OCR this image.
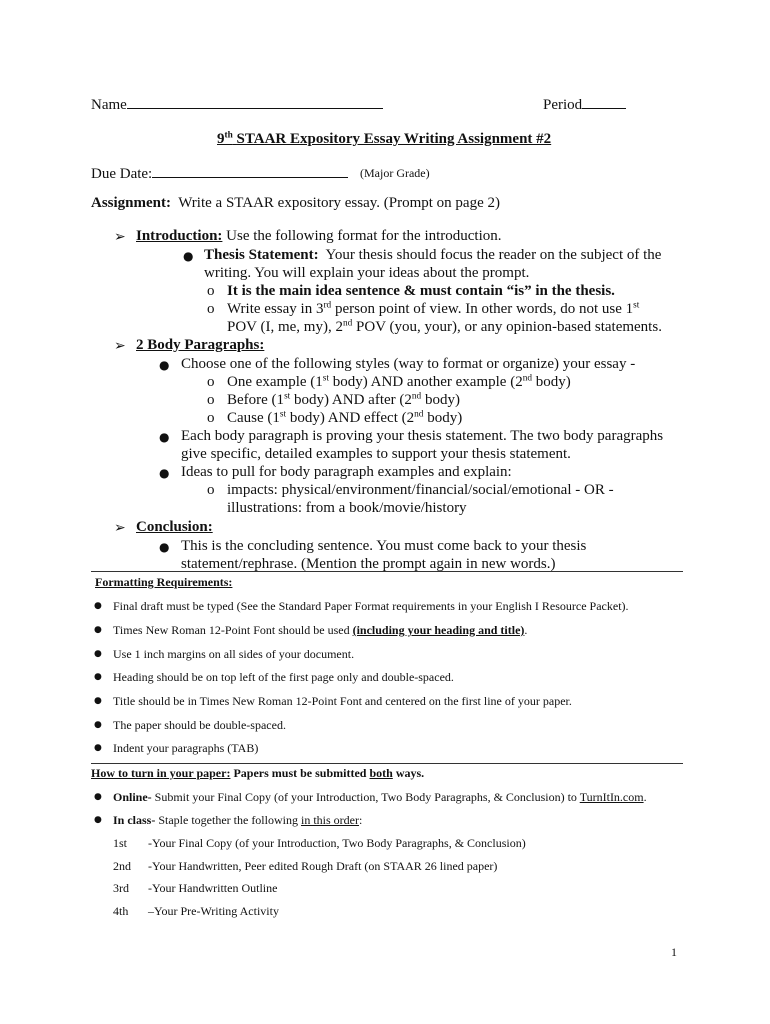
Name	Period
9th STAAR Expository Essay Writing Assignment #2
Due Date:	(Major Grade)
Assignment: Write a STAAR expository essay. (Prompt on page 2)
➢ Introduction: Use the following format for the introduction.
● Thesis Statement: Your thesis should focus the reader on the subject of the
writing. You will explain your ideas about the prompt.
o It is the main idea sentence & must contain “is” in the thesis.
o Write essay in 3rd person point of view. In other words, do not use 1st
POV (I, me, my), 2nd POV (you, your), or any opinion-based statements.
➢ 2 Body Paragraphs:
● Choose one of the following styles (way to format or organize) your essay -
o One example (1st body) AND another example (2nd body)
o Before (1st body) AND after (2nd body)
o Cause (1st body) AND effect (2nd body)
● Each body paragraph is proving your thesis statement. The two body paragraphs
give specific, detailed examples to support your thesis statement.
● Ideas to pull for body paragraph examples and explain:
o impacts: physical/environment/financial/social/emotional - OR -
illustrations: from a book/movie/history
➢ Conclusion:
● This is the concluding sentence. You must come back to your thesis
statement/rephrase. (Mention the prompt again in new words.)
Formatting Requirements:
● Final draft must be typed (See the Standard Paper Format requirements in your English I Resource Packet).
● Times New Roman 12-Point Font should be used (including your heading and title).
● Use 1 inch margins on all sides of your document.
● Heading should be on top left of the first page only and double-spaced.
● Title should be in Times New Roman 12-Point Font and centered on the first line of your paper.
● The paper should be double-spaced.
● Indent your paragraphs (TAB)
How to turn in your paper: Papers must be submitted both ways.
● Online- Submit your Final Copy (of your Introduction, Two Body Paragraphs, & Conclusion) to TurnItIn.com.
● In class- Staple together the following in this order:
1st -Your Final Copy (of your Introduction, Two Body Paragraphs, & Conclusion)
2nd -Your Handwritten, Peer edited Rough Draft (on STAAR 26 lined paper)
3rd -Your Handwritten Outline
4th –Your Pre-Writing Activity
1
